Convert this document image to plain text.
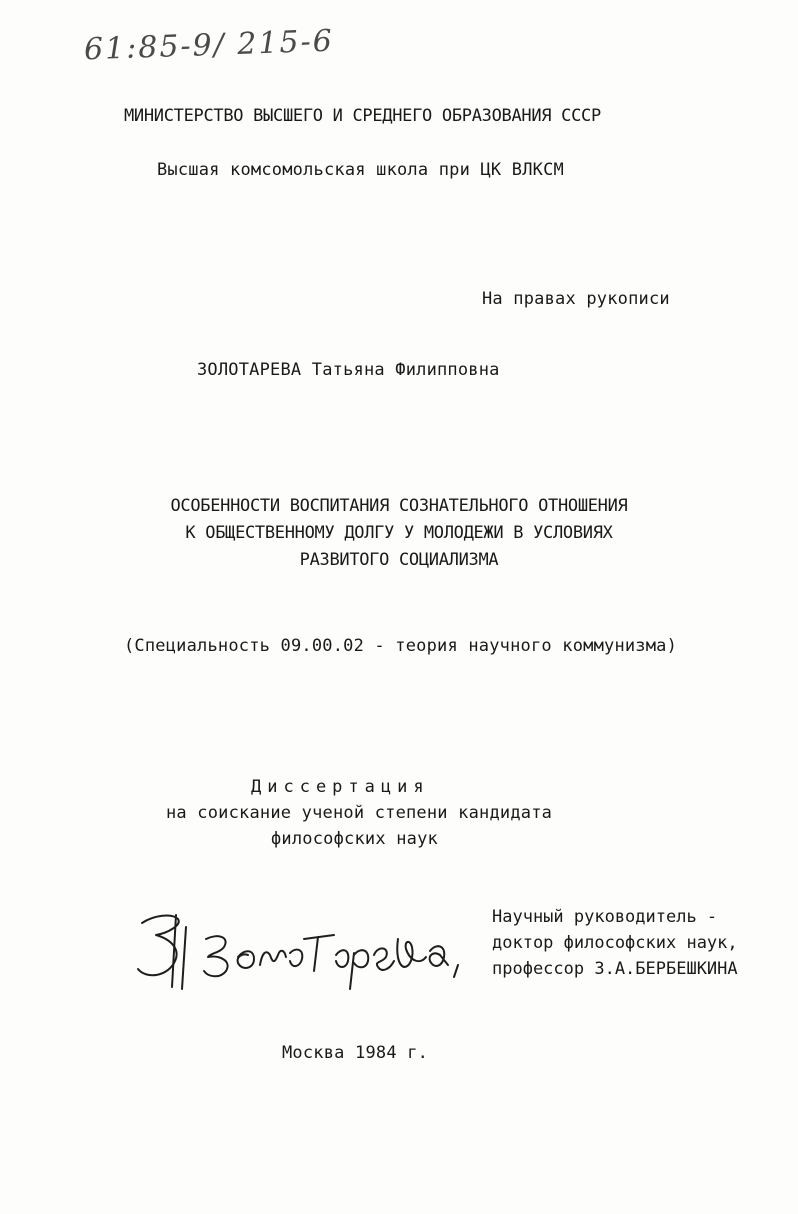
61:85-9/ 215-6
МИНИСТЕРСТВО ВЫСШЕГО И СРЕДНЕГО ОБРАЗОВАНИЯ СССР
Высшая комсомольская школа при ЦК ВЛКСМ
На правах рукописи
ЗОЛОТАРЕВА Татьяна Филипповна
ОСОБЕННОСТИ ВОСПИТАНИЯ СОЗНАТЕЛЬНОГО ОТНОШЕНИЯ
К ОБЩЕСТВЕННОМУ ДОЛГУ У МОЛОДЕЖИ В УСЛОВИЯХ
РАЗВИТОГО СОЦИАЛИЗМА
(Специальность 09.00.02 - теория научного коммунизма)
Диссертация
на соискание ученой степени кандидата
философских наук
Научный руководитель -
доктор философских наук,
профессор З.А.БЕРБЕШКИНА
Москва 1984 г.
